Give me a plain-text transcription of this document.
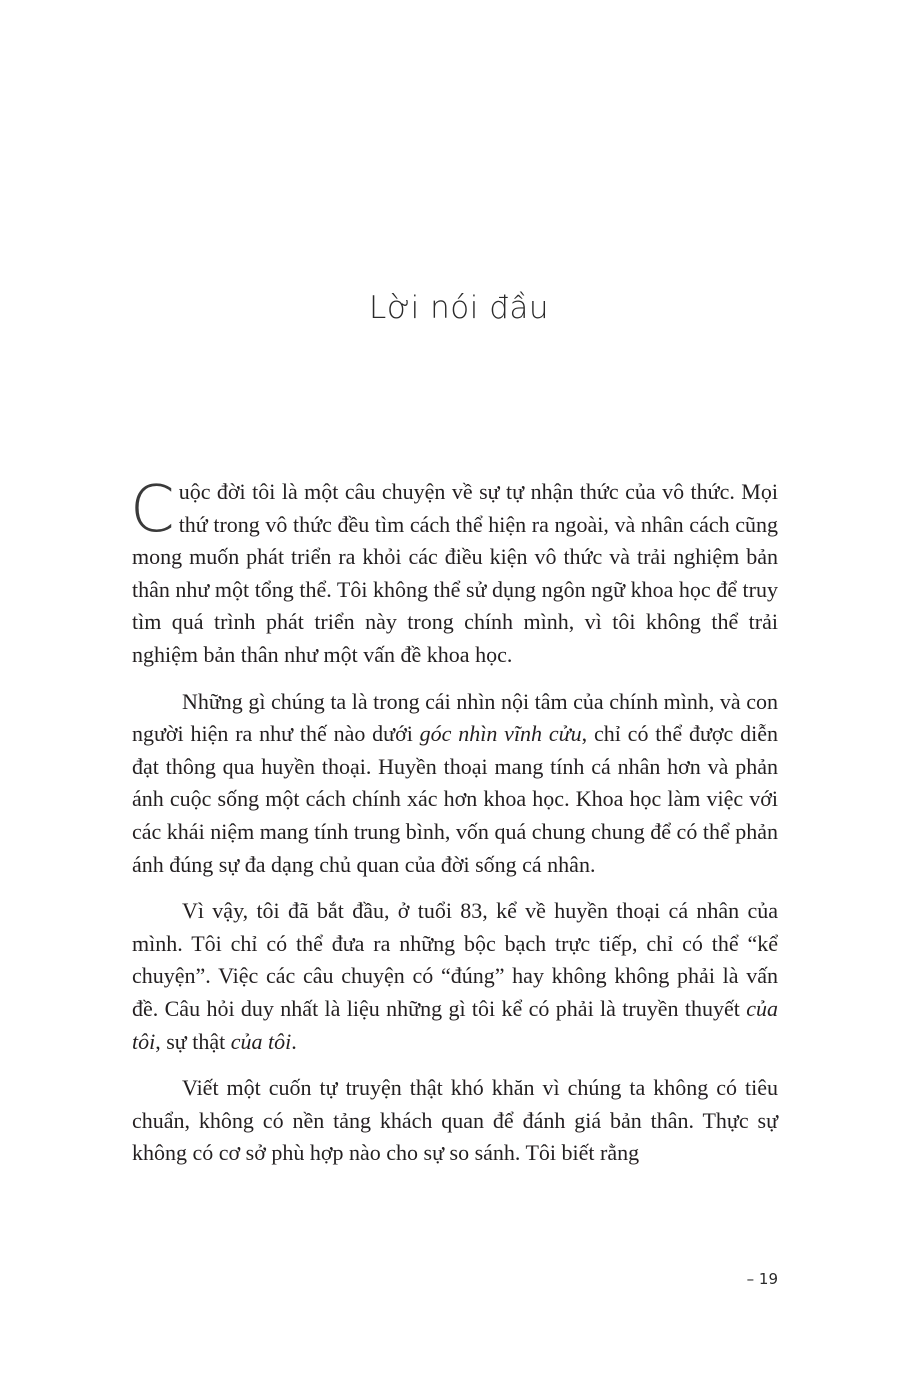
Lời nói đầu

Cuộc đời tôi là một câu chuyện về sự tự nhận thức của vô thức. Mọi thứ trong vô thức đều tìm cách thể hiện ra ngoài, và nhân cách cũng mong muốn phát triển ra khỏi các điều kiện vô thức và trải nghiệm bản thân như một tổng thể. Tôi không thể sử dụng ngôn ngữ khoa học để truy tìm quá trình phát triển này trong chính mình, vì tôi không thể trải nghiệm bản thân như một vấn đề khoa học.

Những gì chúng ta là trong cái nhìn nội tâm của chính mình, và con người hiện ra như thế nào dưới góc nhìn vĩnh cửu, chỉ có thể được diễn đạt thông qua huyền thoại. Huyền thoại mang tính cá nhân hơn và phản ánh cuộc sống một cách chính xác hơn khoa học. Khoa học làm việc với các khái niệm mang tính trung bình, vốn quá chung chung để có thể phản ánh đúng sự đa dạng chủ quan của đời sống cá nhân.

Vì vậy, tôi đã bắt đầu, ở tuổi 83, kể về huyền thoại cá nhân của mình. Tôi chỉ có thể đưa ra những bộc bạch trực tiếp, chỉ có thể “kể chuyện”. Việc các câu chuyện có “đúng” hay không không phải là vấn đề. Câu hỏi duy nhất là liệu những gì tôi kể có phải là truyền thuyết của tôi, sự thật của tôi.

Viết một cuốn tự truyện thật khó khăn vì chúng ta không có tiêu chuẩn, không có nền tảng khách quan để đánh giá bản thân. Thực sự không có cơ sở phù hợp nào cho sự so sánh. Tôi biết rằng

– 19
